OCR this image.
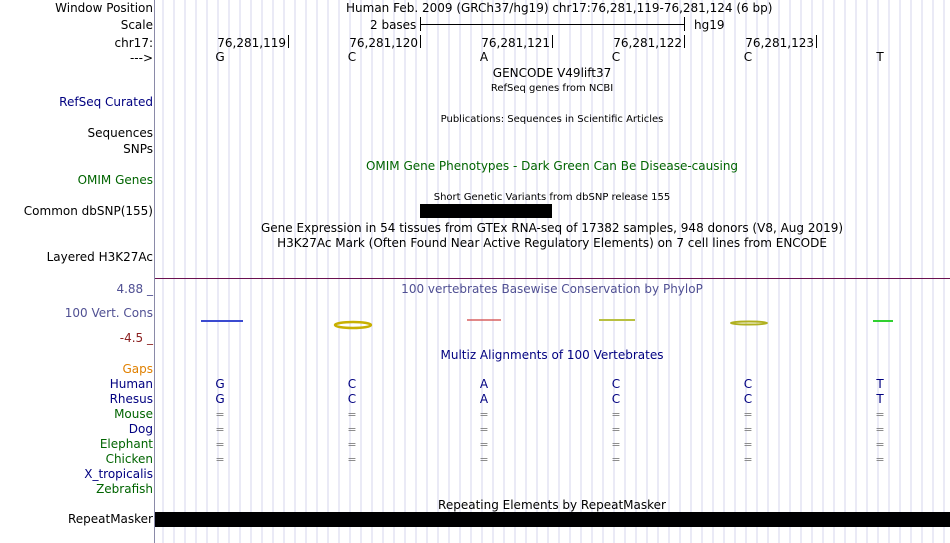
Window Position	Human Feb. 2009 (GRCh37/hg19) chr17:76,281,119-76,281,124 (6 bp)
Scale	2 bases	hg19
chr17:	76,281,119	76,281,120	76,281,121	76,281,122	76,281,123
--->	G	C	A	C	C	T
GENCODE V49lift37
RefSeq genes from NCBI
RefSeq Curated
Publications: Sequences in Scientific Articles
Sequences
SNPs
OMIM Gene Phenotypes - Dark Green Can Be Disease-causing
OMIM Genes
Short Genetic Variants from dbSNP release 155
Common dbSNP(155)
Gene Expression in 54 tissues from GTEx RNA-seq of 17382 samples, 948 donors (V8, Aug 2019)
H3K27Ac Mark (Often Found Near Active Regulatory Elements) on 7 cell lines from ENCODE
Layered H3K27Ac
4.88 _	100 vertebrates Basewise Conservation by PhyloP
100 Vert. Cons
-4.5 _
Multiz Alignments of 100 Vertebrates
Gaps
Human	G	C	A	C	C	T
Rhesus	G	C	A	C	C	T
Mouse	=	=	=	=	=	=
Dog	=	=	=	=	=	=
Elephant	=	=	=	=	=	=
Chicken	=	=	=	=	=	=
X_tropicalis
Zebrafish
Repeating Elements by RepeatMasker
RepeatMasker
